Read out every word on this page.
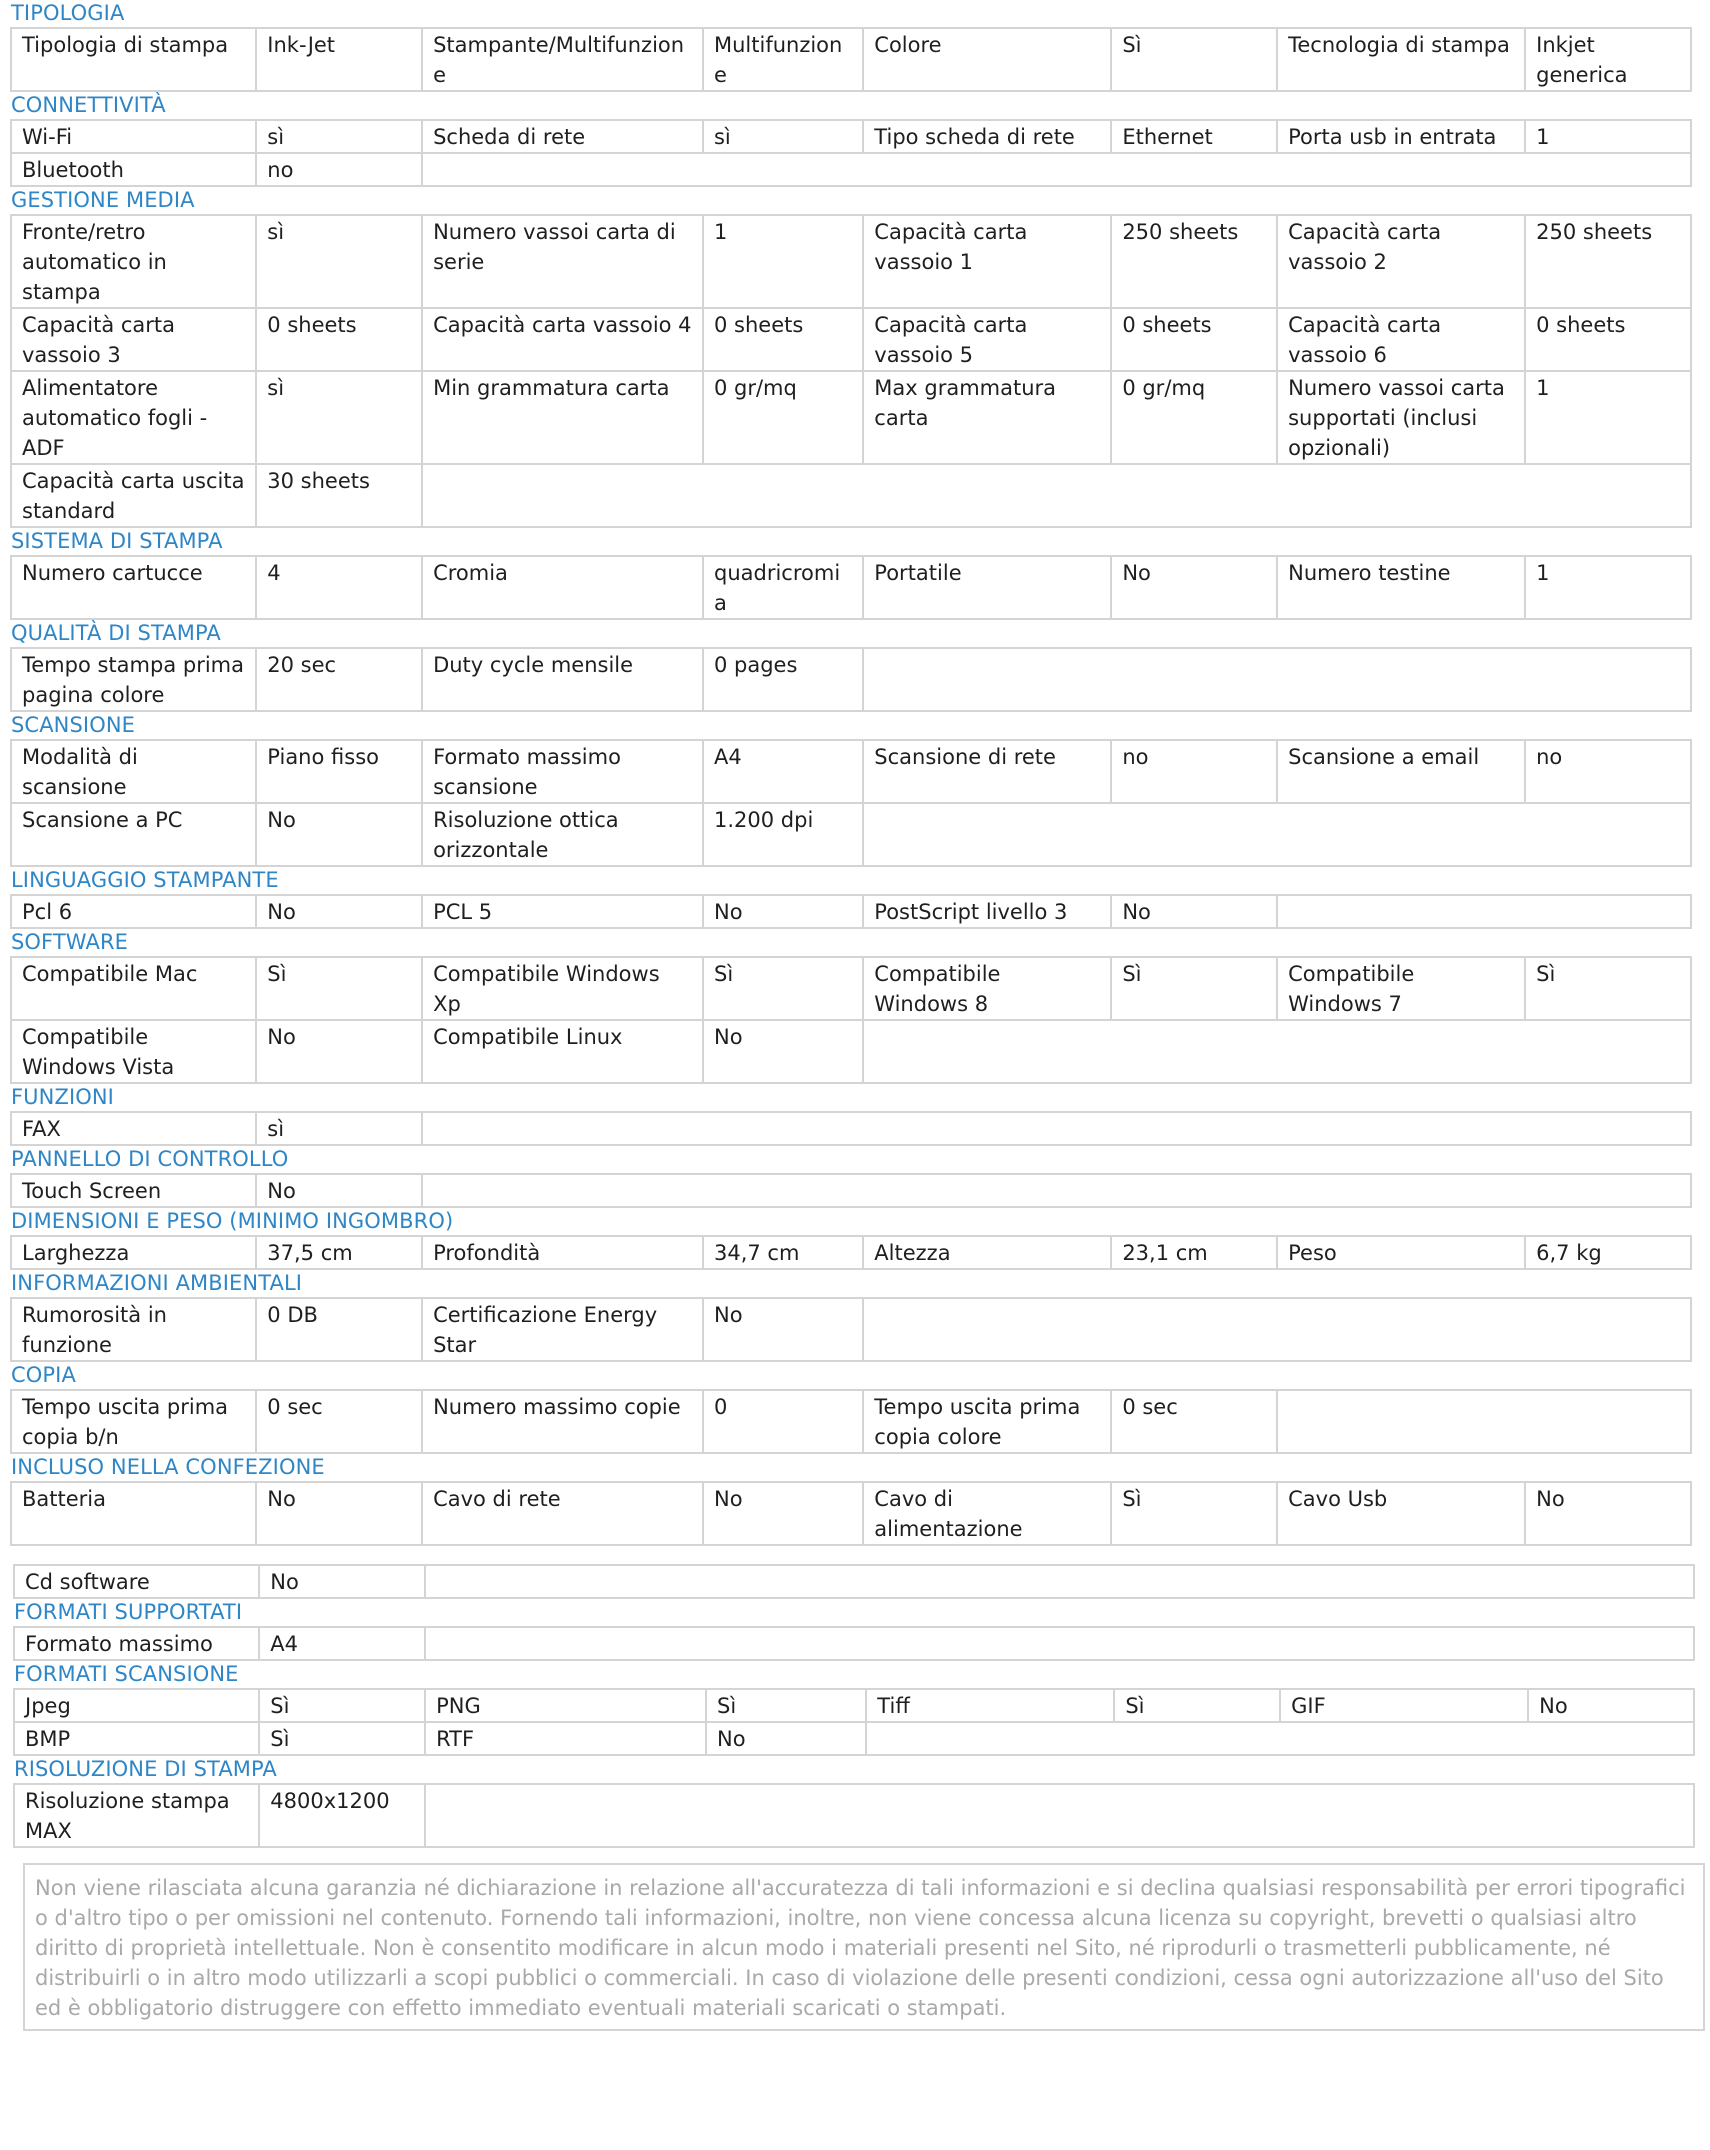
TIPOLOGIA
Tipologia di stampa	Ink-Jet	Stampante/Multifunzione	Multifunzione	Colore	Sì	Tecnologia di stampa	Inkjet generica
CONNETTIVITÀ
Wi-Fi	sì	Scheda di rete	sì	Tipo scheda di rete	Ethernet	Porta usb in entrata	1
Bluetooth	no						
GESTIONE MEDIA
Fronte/retro automatico in stampa	sì	Numero vassoi carta di serie	1	Capacità carta vassoio 1	250 sheets	Capacità carta vassoio 2	250 sheets
Capacità carta vassoio 3	0 sheets	Capacità carta vassoio 4	0 sheets	Capacità carta vassoio 5	0 sheets	Capacità carta vassoio 6	0 sheets
Alimentatore automatico fogli - ADF	sì	Min grammatura carta	0 gr/mq	Max grammatura carta	0 gr/mq	Numero vassoi carta supportati (inclusi opzionali)	1
Capacità carta uscita standard	30 sheets						
SISTEMA DI STAMPA
Numero cartucce	4	Cromia	quadricromia	Portatile	No	Numero testine	1
QUALITÀ DI STAMPA
Tempo stampa prima pagina colore	20 sec	Duty cycle mensile	0 pages	
SCANSIONE
Modalità di scansione	Piano fisso	Formato massimo scansione	A4	Scansione di rete	no	Scansione a email	no
Scansione a PC	No	Risoluzione ottica orizzontale	1.200 dpi				
LINGUAGGIO STAMPANTE
Pcl 6	No	PCL 5	No	PostScript livello 3	No	
SOFTWARE
Compatibile Mac	Sì	Compatibile Windows Xp	Sì	Compatibile Windows 8	Sì	Compatibile Windows 7	Sì
Compatibile Windows Vista	No	Compatibile Linux	No				
FUNZIONI
FAX	sì	
PANNELLO DI CONTROLLO
Touch Screen	No	
DIMENSIONI E PESO (MINIMO INGOMBRO)
Larghezza	37,5 cm	Profondità	34,7 cm	Altezza	23,1 cm	Peso	6,7 kg
INFORMAZIONI AMBIENTALI
Rumorosità in funzione	0 DB	Certificazione Energy Star	No	
COPIA
Tempo uscita prima copia b/n	0 sec	Numero massimo copie	0	Tempo uscita prima copia colore	0 sec	
INCLUSO NELLA CONFEZIONE
Batteria	No	Cavo di rete	No	Cavo di alimentazione	Sì	Cavo Usb	No
Cd software	No	
FORMATI SUPPORTATI
Formato massimo	A4	
FORMATI SCANSIONE
Jpeg	Sì	PNG	Sì	Tiff	Sì	GIF	No
BMP	Sì	RTF	No				
RISOLUZIONE DI STAMPA
Risoluzione stampa MAX	4800x1200	
Non viene rilasciata alcuna garanzia né dichiarazione in relazione all'accuratezza di tali informazioni e si declina qualsiasi responsabilità per errori tipografici o d'altro tipo o per omissioni nel contenuto. Fornendo tali informazioni, inoltre, non viene concessa alcuna licenza su copyright, brevetti o qualsiasi altro diritto di proprietà intellettuale. Non è consentito modificare in alcun modo i materiali presenti nel Sito, né riprodurli o trasmetterli pubblicamente, né distribuirli o in altro modo utilizzarli a scopi pubblici o commerciali. In caso di violazione delle presenti condizioni, cessa ogni autorizzazione all'uso del Sito ed è obbligatorio distruggere con effetto immediato eventuali materiali scaricati o stampati.
